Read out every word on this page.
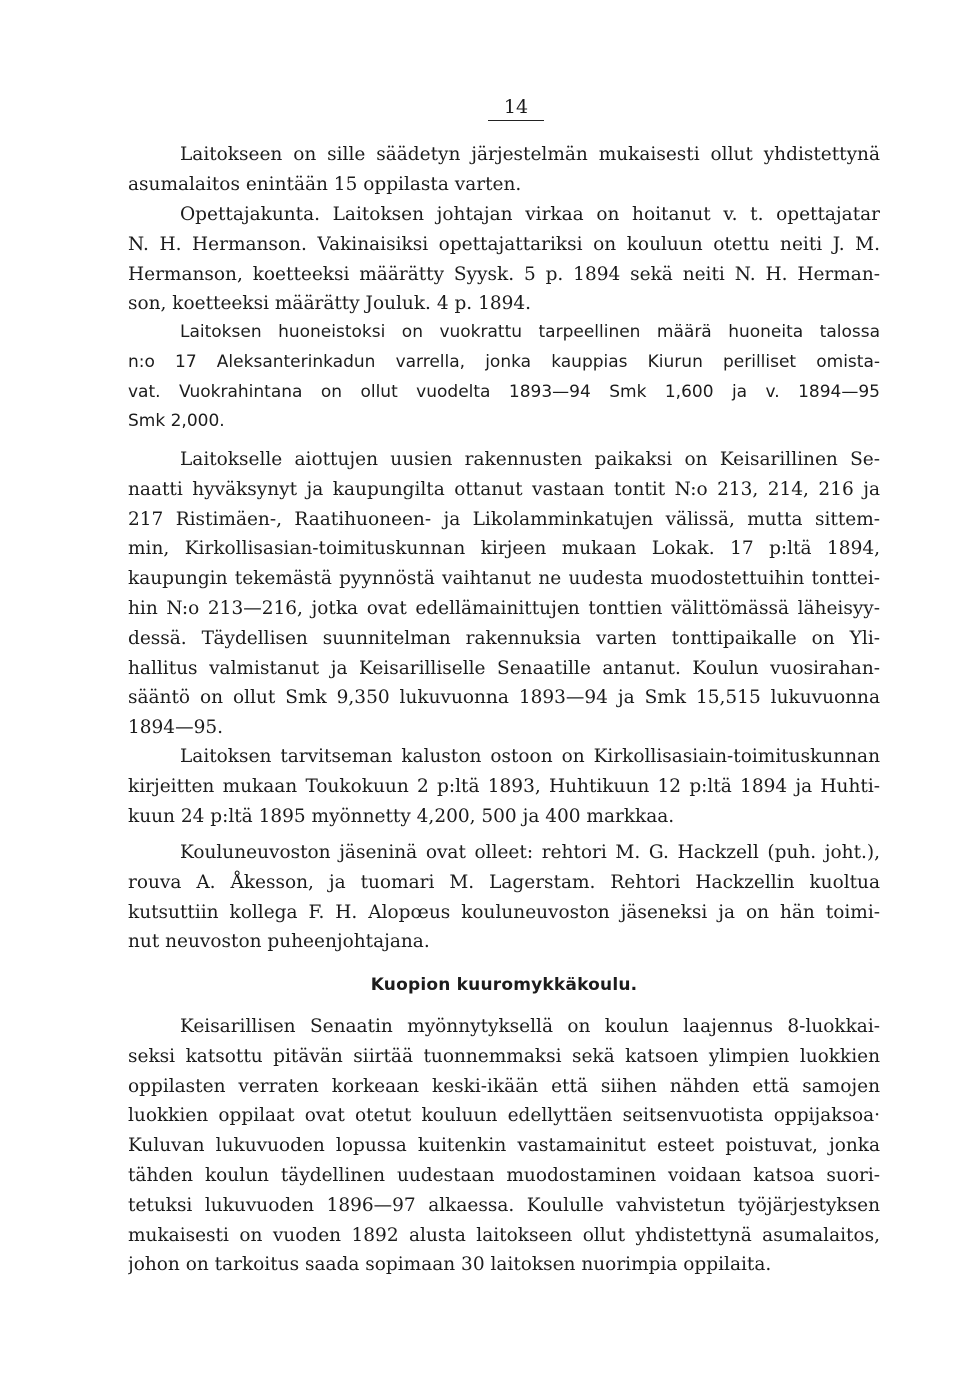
14
Laitokseen on sille säädetyn järjestelmän mukaisesti ollut yhdistettynä
asumalaitos enintään 15 oppilasta varten.
Opettajakunta. Laitoksen johtajan virkaa on hoitanut v. t. opettajatar
N. H. Hermanson. Vakinaisiksi opettajattariksi on kouluun otettu neiti J. M.
Hermanson, koetteeksi määrätty Syysk. 5 p. 1894 sekä neiti N. H. Herman-
son, koetteeksi määrätty Jouluk. 4 p. 1894.
Laitoksen huoneistoksi on vuokrattu tarpeellinen määrä huoneita talossa
n:o 17 Aleksanterinkadun varrella, jonka kauppias Kiurun perilliset omista-
vat. Vuokrahintana on ollut vuodelta 1893—94 Smk 1,600 ja v. 1894—95
Smk 2,000.
Laitokselle aiottujen uusien rakennusten paikaksi on Keisarillinen Se-
naatti hyväksynyt ja kaupungilta ottanut vastaan tontit N:o 213, 214, 216 ja
217 Ristimäen-, Raatihuoneen- ja Likolamminkatujen välissä, mutta sittem-
min, Kirkollisasian-toimituskunnan kirjeen mukaan Lokak. 17 p:ltä 1894,
kaupungin tekemästä pyynnöstä vaihtanut ne uudesta muodostettuihin tonttei-
hin N:o 213—216, jotka ovat edellämainittujen tonttien välittömässä läheisyy-
dessä. Täydellisen suunnitelman rakennuksia varten tonttipaikalle on Yli-
hallitus valmistanut ja Keisarilliselle Senaatille antanut. Koulun vuosirahan-
sääntö on ollut Smk 9,350 lukuvuonna 1893—94 ja Smk 15,515 lukuvuonna
1894—95.
Laitoksen tarvitseman kaluston ostoon on Kirkollisasiain-toimituskunnan
kirjeitten mukaan Toukokuun 2 p:ltä 1893, Huhtikuun 12 p:ltä 1894 ja Huhti-
kuun 24 p:ltä 1895 myönnetty 4,200, 500 ja 400 markkaa.
Kouluneuvoston jäseninä ovat olleet: rehtori M. G. Hackzell (puh. joht.),
rouva A. Åkesson, ja tuomari M. Lagerstam. Rehtori Hackzellin kuoltua
kutsuttiin kollega F. H. Alopœus kouluneuvoston jäseneksi ja on hän toimi-
nut neuvoston puheenjohtajana.
Kuopion kuuromykkäkoulu.
Keisarillisen Senaatin myönnytyksellä on koulun laajennus 8-luokkai-
seksi katsottu pitävän siirtää tuonnemmaksi sekä katsoen ylimpien luokkien
oppilasten verraten korkeaan keski-ikään että siihen nähden että samojen
luokkien oppilaat ovat otetut kouluun edellyttäen seitsenvuotista oppijaksoa·
Kuluvan lukuvuoden lopussa kuitenkin vastamainitut esteet poistuvat, jonka
tähden koulun täydellinen uudestaan muodostaminen voidaan katsoa suori-
tetuksi lukuvuoden 1896—97 alkaessa. Koululle vahvistetun työjärjestyksen
mukaisesti on vuoden 1892 alusta laitokseen ollut yhdistettynä asumalaitos,
johon on tarkoitus saada sopimaan 30 laitoksen nuorimpia oppilaita.
